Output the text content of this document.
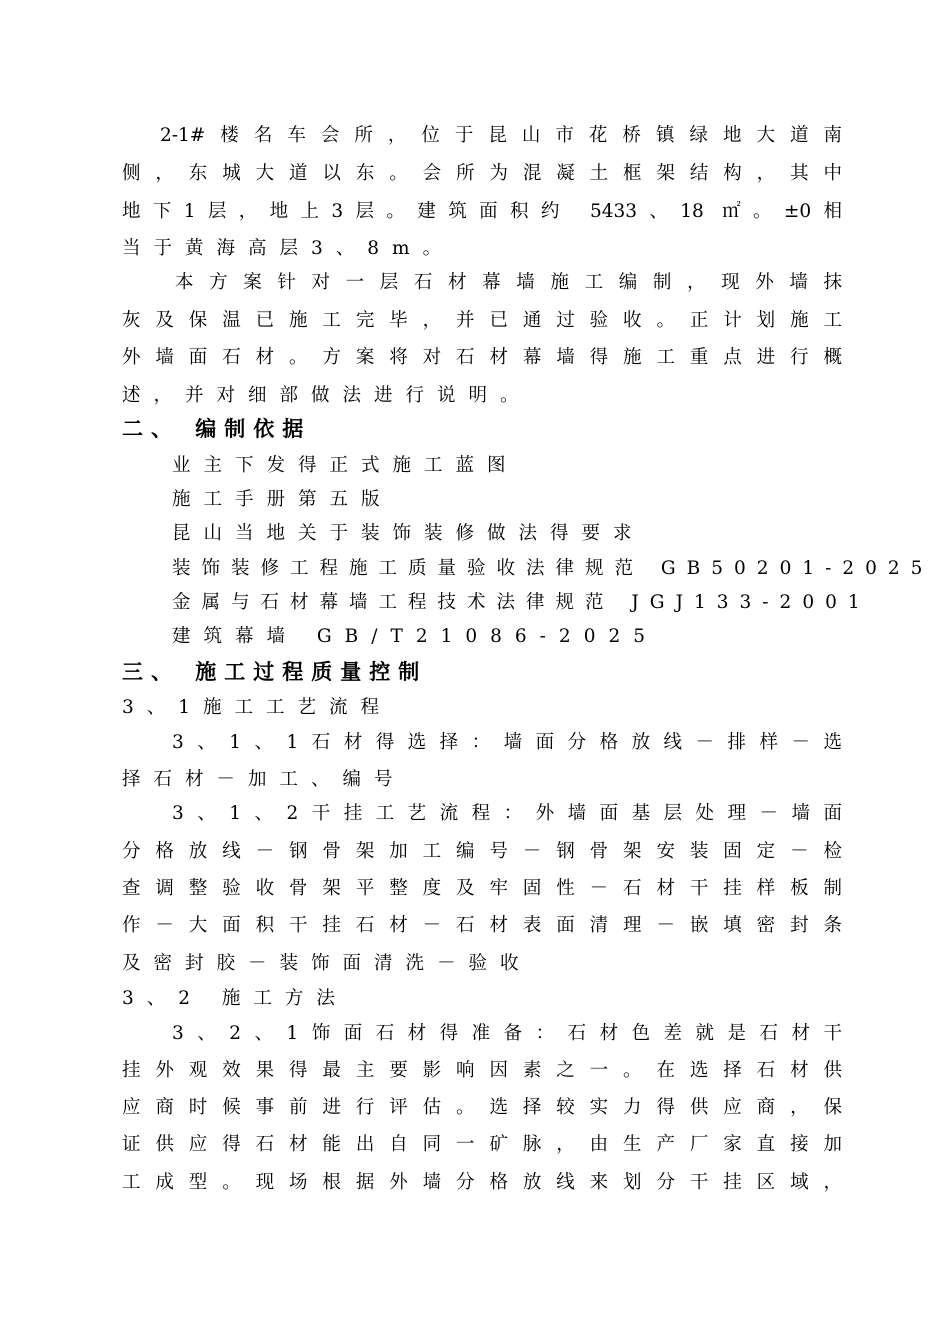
2-1#楼名车会所，位于昆山市花桥镇绿地大道南
侧，东城大道以东。会所为混凝土框架结构，其中
地下1层，地上3层。建筑面积约 5433、18 ㎡。±0相
当于黄海高层3、8m。
本方案针对一层石材幕墙施工编制，现外墙抹
灰及保温已施工完毕，并已通过验收。正计划施工
外墙面石材。方案将对石材幕墙得施工重点进行概
述，并对细部做法进行说明。
二、 编制依据
业主下发得正式施工蓝图
施工手册第五版
昆山当地关于装饰装修做法得要求
装饰装修工程施工质量验收法律规范 GB50201-2025
金属与石材幕墙工程技术法律规范 JGJ133-2001
建筑幕墙 GB/T21086-2025
三、 施工过程质量控制
3、1施工工艺流程
3、1、1石材得选择：墙面分格放线－排样－选
择石材－加工、编号
3、1、2干挂工艺流程：外墙面基层处理－墙面
分格放线－钢骨架加工编号－钢骨架安装固定－检
查调整验收骨架平整度及牢固性－石材干挂样板制
作－大面积干挂石材－石材表面清理－嵌填密封条
及密封胶－装饰面清洗－验收
3、2 施工方法
3、2、1饰面石材得准备：石材色差就是石材干
挂外观效果得最主要影响因素之一。在选择石材供
应商时候事前进行评估。选择较实力得供应商，保
证供应得石材能出自同一矿脉，由生产厂家直接加
工成型。现场根据外墙分格放线来划分干挂区域，
